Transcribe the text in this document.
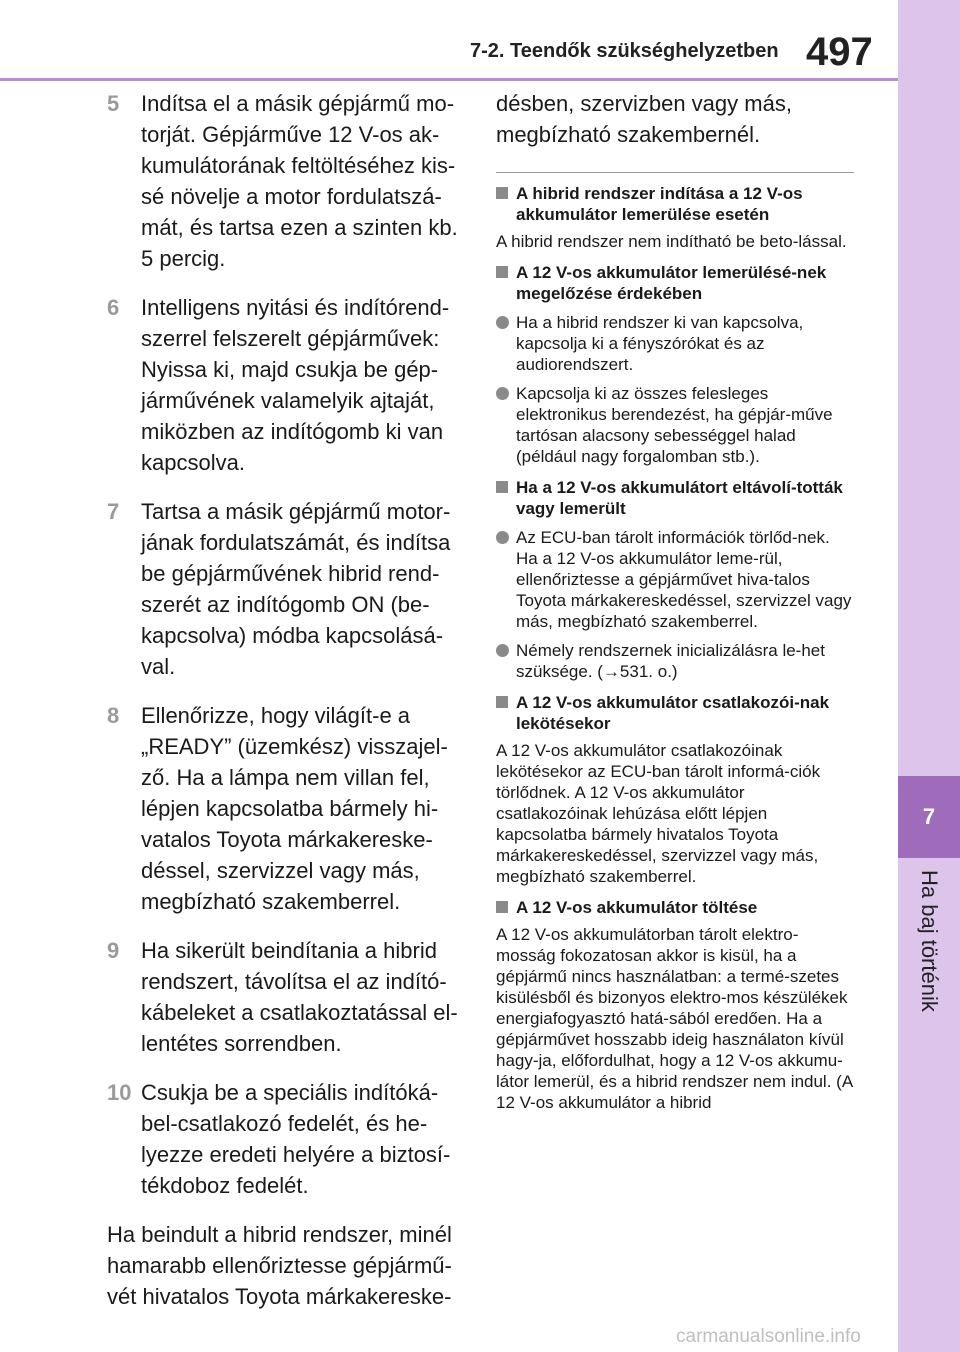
7-2. Teendők szükséghelyzetben 497
7
Ha baj történik
5 Indítsa el a másik gépjármű mo-torját. Gépjárműve 12 V-os ak-kumulátorának feltöltéséhez kis-sé növelje a motor fordulatszá-mát, és tartsa ezen a szinten kb. 5 percig.
6 Intelligens nyitási és indítórend-szerrel felszerelt gépjárművek: Nyissa ki, majd csukja be gép-járművének valamelyik ajtaját, miközben az indítógomb ki van kapcsolva.
7 Tartsa a másik gépjármű motor-jának fordulatszámát, és indítsa be gépjárművének hibrid rend-szerét az indítógomb ON (be-kapcsolva) módba kapcsolásá-val.
8 Ellenőrizze, hogy világít-e a „READY” (üzemkész) visszajel-ző. Ha a lámpa nem villan fel, lépjen kapcsolatba bármely hi-vatalos Toyota márkakereske-déssel, szervizzel vagy más, megbízható szakemberrel.
9 Ha sikerült beindítania a hibrid rendszert, távolítsa el az indító-kábeleket a csatlakoztatással el-lentétes sorrendben.
10 Csukja be a speciális indítóká-bel-csatlakozó fedelét, és he-lyezze eredeti helyére a biztosí-tékdoboz fedelét.
Ha beindult a hibrid rendszer, minél hamarabb ellenőriztesse gépjármű-vét hivatalos Toyota márkakereske-
désben, szervizben vagy más, megbízható szakembernél.
A hibrid rendszer indítása a 12 V-os akkumulátor lemerülése esetén
A hibrid rendszer nem indítható be beto-lással.
A 12 V-os akkumulátor lemerülésé-nek megelőzése érdekében
Ha a hibrid rendszer ki van kapcsolva, kapcsolja ki a fényszórókat és az audiorendszert.
Kapcsolja ki az összes felesleges elektronikus berendezést, ha gépjár-műve tartósan alacsony sebességgel halad (például nagy forgalomban stb.).
Ha a 12 V-os akkumulátort eltávolí-tották vagy lemerült
Az ECU-ban tárolt információk törlőd-nek. Ha a 12 V-os akkumulátor leme-rül, ellenőriztesse a gépjárművet hiva-talos Toyota márkakereskedéssel, szervizzel vagy más, megbízható szakemberrel.
Némely rendszernek inicializálásra le-het szüksége. (→531. o.)
A 12 V-os akkumulátor csatlakozói-nak lekötésekor
A 12 V-os akkumulátor csatlakozóinak lekötésekor az ECU-ban tárolt informá-ciók törlődnek. A 12 V-os akkumulátor csatlakozóinak lehúzása előtt lépjen kapcsolatba bármely hivatalos Toyota márkakereskedéssel, szervizzel vagy más, megbízható szakemberrel.
A 12 V-os akkumulátor töltése
A 12 V-os akkumulátorban tárolt elektro-mosság fokozatosan akkor is kisül, ha a gépjármű nincs használatban: a termé-szetes kisülésből és bizonyos elektro-mos készülékek energiafogyasztó hatá-sából eredően. Ha a gépjárművet hosszabb ideig használaton kívül hagy-ja, előfordulhat, hogy a 12 V-os akkumu-látor lemerül, és a hibrid rendszer nem indul. (A 12 V-os akkumulátor a hibrid
carmanualsonline.info
